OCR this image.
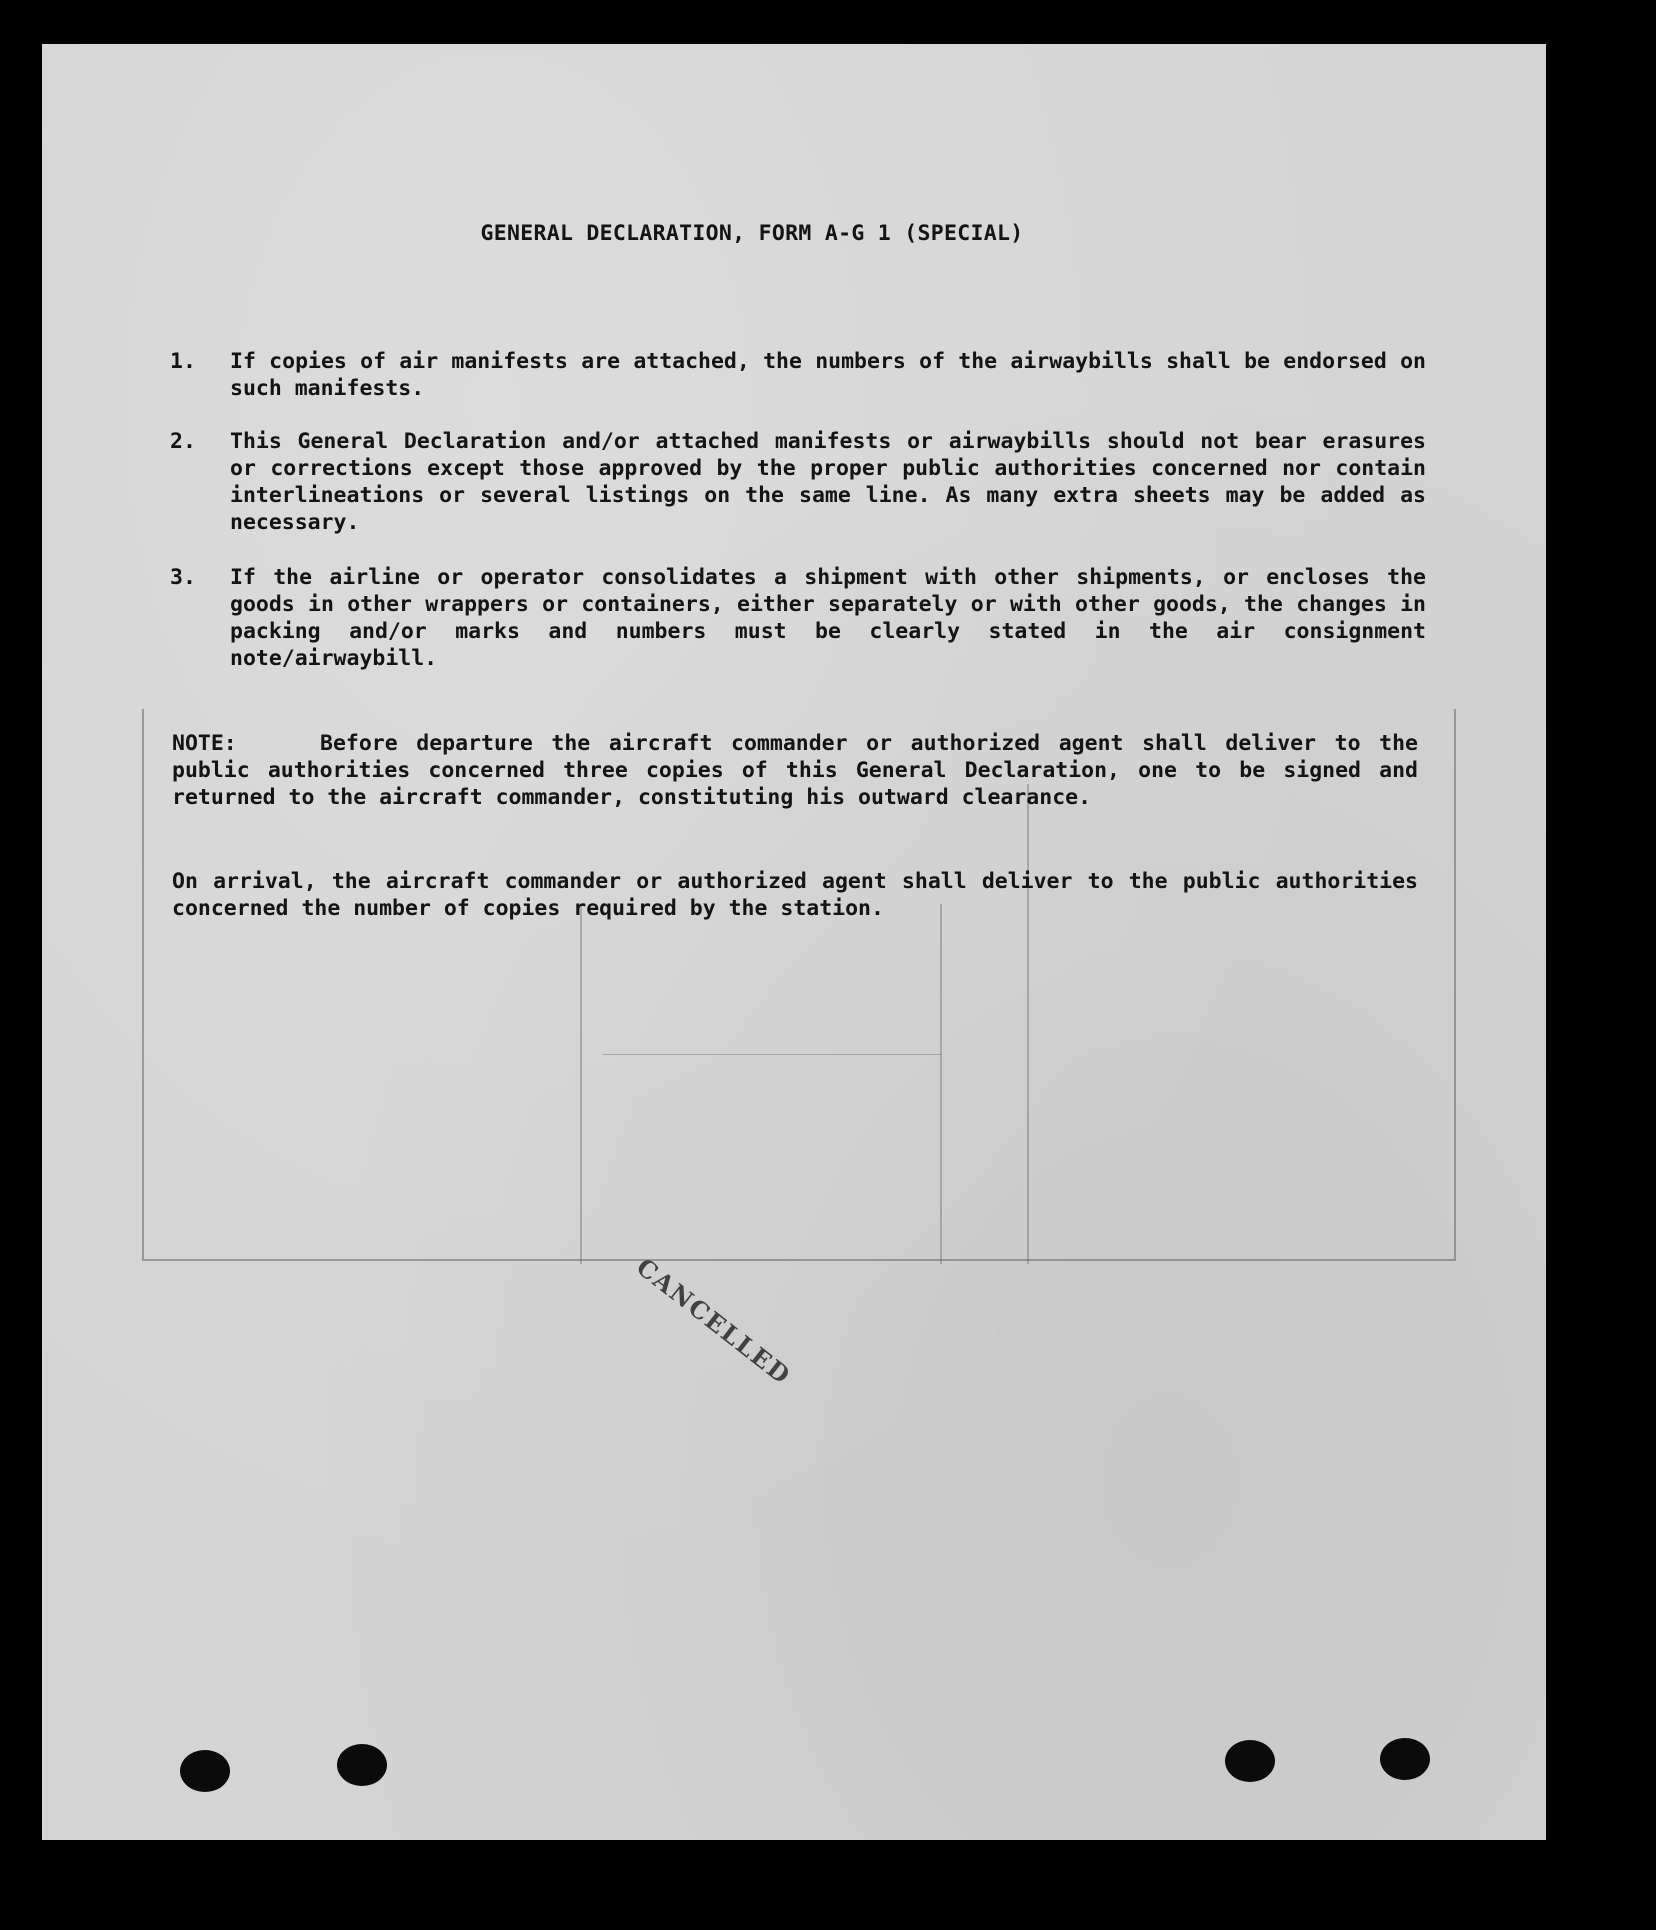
GENERAL DECLARATION, FORM A-G 1 (SPECIAL)
1.	If copies of air manifests are attached, the numbers of the airwaybills shall be endorsed on such manifests.
2.	This General Declaration and/or attached manifests or airwaybills should not bear erasures or corrections except those approved by the proper public authorities concerned nor contain interlineations or several listings on the same line. As many extra sheets may be added as necessary.
3.	If the airline or operator consolidates a shipment with other shipments, or encloses the goods in other wrappers or containers, either separately or with other goods, the changes in packing and/or marks and numbers must be clearly stated in the air consignment note/airwaybill.
NOTE:	Before departure the aircraft commander or authorized agent shall deliver to the public authorities concerned three copies of this General Declaration, one to be signed and returned to the aircraft commander, constituting his outward clearance.
On arrival, the aircraft commander or authorized agent shall deliver to the public authorities concerned the number of copies required by the station.
CANCELLED
